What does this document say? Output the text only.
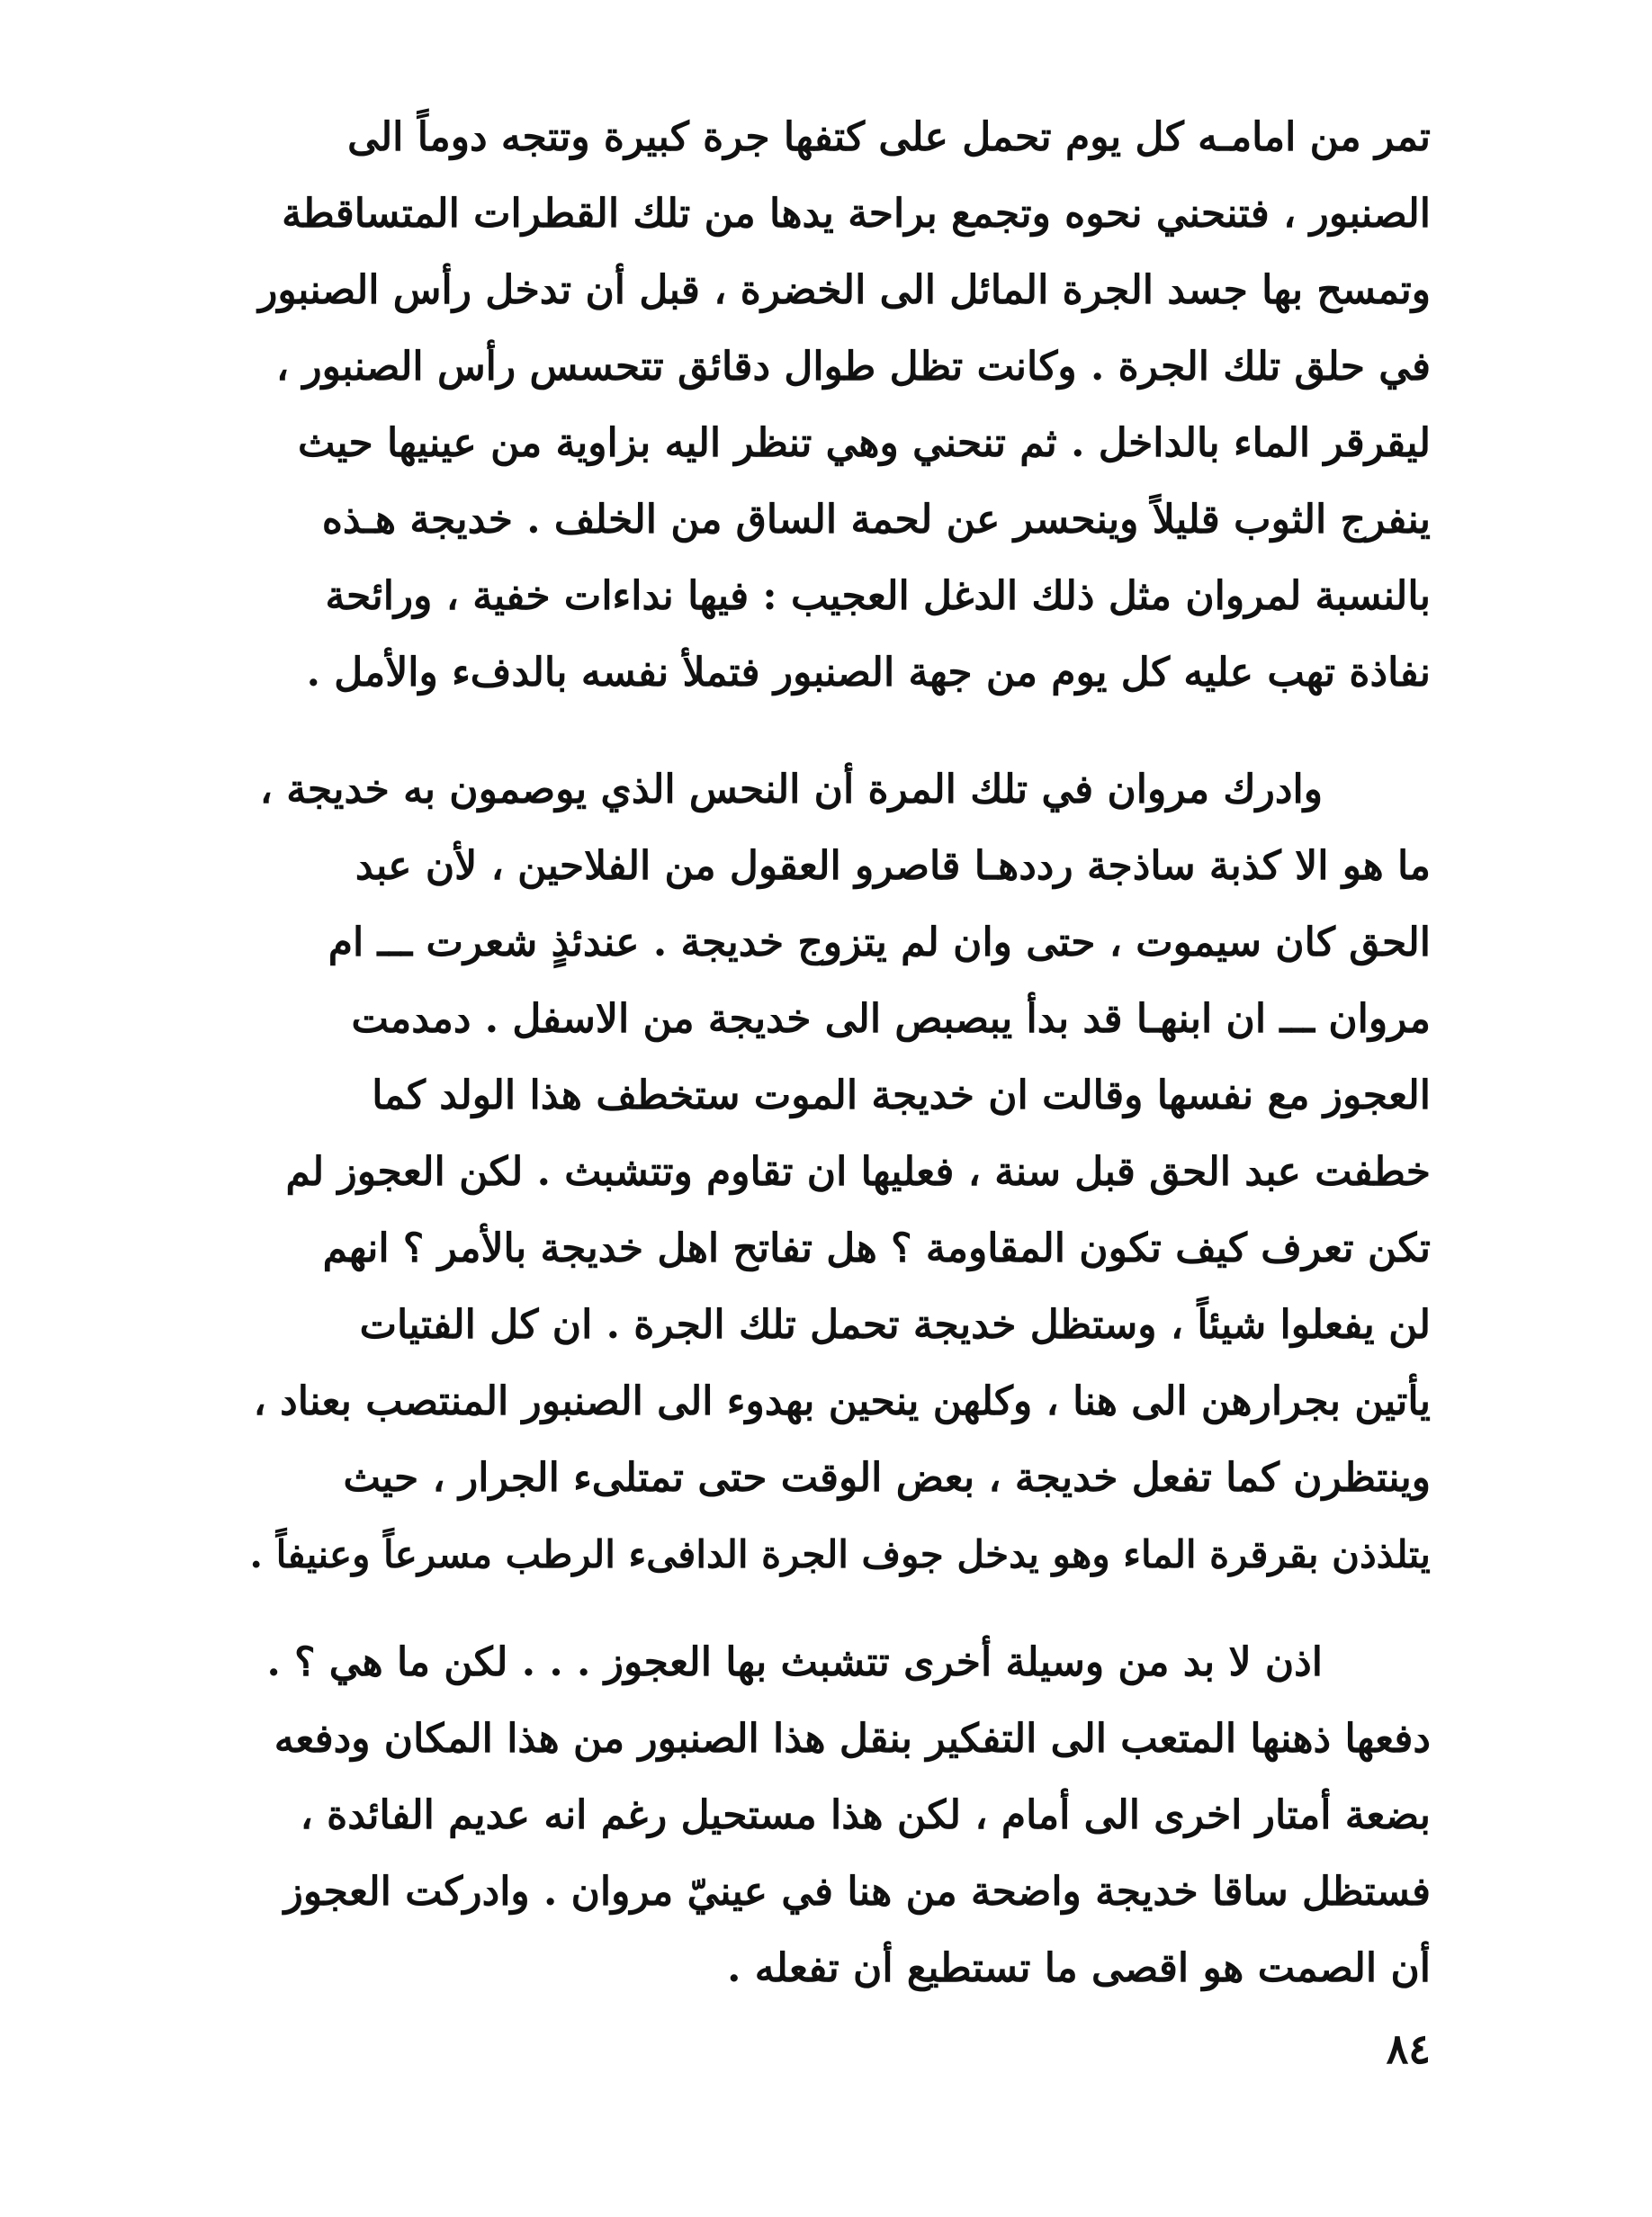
تمر من امامـه كل يوم تحمل على كتفها جرة كبيرة وتتجه دوماً الى
الصنبور ، فتنحني نحوه وتجمع براحة يدها من تلك القطرات المتساقطة
وتمسح بها جسد الجرة المائل الى الخضرة ، قبل أن تدخل رأس الصنبور
في حلق تلك الجرة . وكانت تظل طوال دقائق تتحسس رأس الصنبور ،
ليقرقر الماء بالداخل . ثم تنحني وهي تنظر اليه بزاوية من عينيها حيث
ينفرج الثوب قليلاً وينحسر عن لحمة الساق من الخلف . خديجة هـذه
بالنسبة لمروان مثل ذلك الدغل العجيب : فيها نداءات خفية ، ورائحة
نفاذة تهب عليه كل يوم من جهة الصنبور فتملأ نفسه بالدفء والأمل .
وادرك مروان في تلك المرة أن النحس الذي يوصمون به خديجة ،
ما هو الا كذبة ساذجة رددهـا قاصرو العقول من الفلاحين ، لأن عبد
الحق كان سيموت ، حتى وان لم يتزوج خديجة . عندئذٍ شعرت ـــ ام
مروان ـــ ان ابنهـا قد بدأ يبصبص الى خديجة من الاسفل . دمدمت
العجوز مع نفسها وقالت ان خديجة الموت ستخطف هذا الولد كما
خطفت عبد الحق قبل سنة ، فعليها ان تقاوم وتتشبث . لكن العجوز لم
تكن تعرف كيف تكون المقاومة ؟ هل تفاتح اهل خديجة بالأمر ؟ انهم
لن يفعلوا شيئاً ، وستظل خديجة تحمل تلك الجرة . ان كل الفتيات
يأتين بجرارهن الى هنا ، وكلهن ينحين بهدوء الى الصنبور المنتصب بعناد ،
وينتظرن كما تفعل خديجة ، بعض الوقت حتى تمتلىء الجرار ، حيث
يتلذذن بقرقرة الماء وهو يدخل جوف الجرة الدافىء الرطب مسرعاً وعنيفاً .
اذن لا بد من وسيلة أخرى تتشبث بها العجوز . . . لكن ما هي ؟ .
دفعها ذهنها المتعب الى التفكير بنقل هذا الصنبور من هذا المكان ودفعه
بضعة أمتار اخرى الى أمام ، لكن هذا مستحيل رغم انه عديم الفائدة ،
فستظل ساقا خديجة واضحة من هنا في عينيّ مروان . وادركت العجوز
أن الصمت هو اقصى ما تستطيع أن تفعله .
٨٤
